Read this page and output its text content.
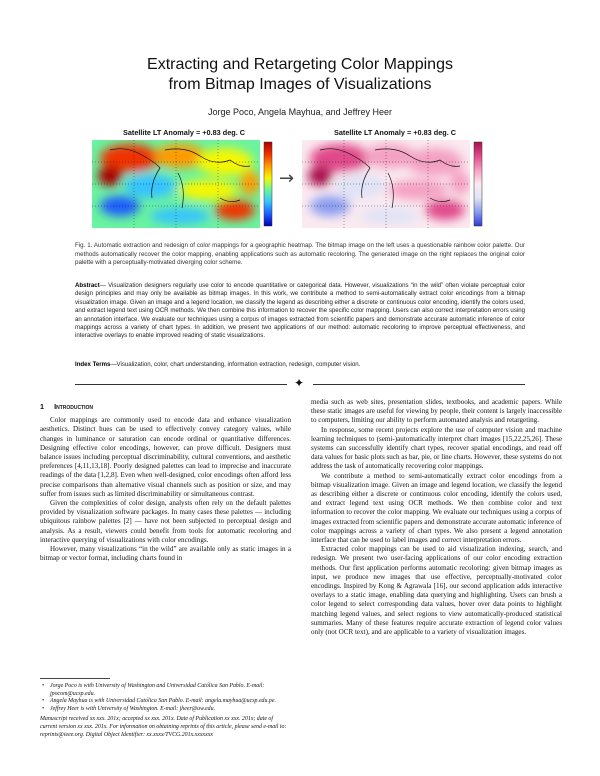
Extracting and Retargeting Color Mappings
from Bitmap Images of Visualizations
Jorge Poco, Angela Mayhua, and Jeffrey Heer
Satellite LT Anomaly = +0.83 deg. C
→
Satellite LT Anomaly = +0.83 deg. C
Fig. 1. Automatic extraction and redesign of color mappings for a geographic heatmap. The bitmap image on the left uses a questionable rainbow color palette. Our methods automatically recover the color mapping, enabling applications such as automatic recoloring. The generated image on the right replaces the original color palette with a perceptually-motivated diverging color scheme.
Abstract— Visualization designers regularly use color to encode quantitative or categorical data. However, visualizations “in the wild” often violate perceptual color design principles and may only be available as bitmap images. In this work, we contribute a method to semi-automatically extract color encodings from a bitmap visualization image. Given an image and a legend location, we classify the legend as describing either a discrete or continuous color encoding, identify the colors used, and extract legend text using OCR methods. We then combine this information to recover the specific color mapping. Users can also correct interpretation errors using an annotation interface. We evaluate our techniques using a corpus of images extracted from scientific papers and demonstrate accurate automatic inference of color mappings across a variety of chart types. In addition, we present two applications of our method: automatic recoloring to improve perceptual effectiveness, and interactive overlays to enable improved reading of static visualizations.
Index Terms—Visualization, color, chart understanding, information extraction, redesign, computer vision.
✦
1 Introduction

Color mappings are commonly used to encode data and enhance visualization aesthetics. Distinct hues can be used to effectively convey category values, while changes in luminance or saturation can encode ordinal or quantitative differences. Designing effective color encodings, however, can prove difficult. Designers must balance issues including perceptual discriminability, cultural conventions, and aesthetic preferences [4,11,13,18]. Poorly designed palettes can lead to imprecise and inaccurate readings of the data [1,2,8]. Even when well-designed, color encodings often afford less precise comparisons than alternative visual channels such as position or size, and may suffer from issues such as limited discriminability or simultaneous contrast.

Given the complexities of color design, analysts often rely on the default palettes provided by visualization software packages. In many cases these palettes — including ubiquitous rainbow palettes [2] — have not been subjected to perceptual design and analysis. As a result, viewers could benefit from tools for automatic recoloring and interactive querying of visualizations with color encodings.

However, many visualizations “in the wild” are available only as static images in a bitmap or vector format, including charts found in

• Jorge Poco is with University of Washington and Universidad Católica San Pablo. E-mail: jpocom@ucsp.edu.
• Angela Mayhua is with Universidad Católica San Pablo. E-mail: angela.mayhua@ucsp.edu.pe.
• Jeffrey Heer is with University of Washington. E-mail: jheer@uw.edu.
Manuscript received xx xxx. 201x; accepted xx xxx. 201x. Date of Publication xx xxx. 201x; date of current version xx xxx. 201x. For information on obtaining reprints of this article, please send e-mail to: reprints@ieee.org. Digital Object Identifier: xx.xxxx/TVCG.201x.xxxxxxx

media such as web sites, presentation slides, textbooks, and academic papers. While these static images are useful for viewing by people, their content is largely inaccessible to computers, limiting our ability to perform automated analysis and retargeting.

In response, some recent projects explore the use of computer vision and machine learning techniques to (semi-)automatically interpret chart images [15,22,25,26]. These systems can successfully identify chart types, recover spatial encodings, and read off data values for basic plots such as bar, pie, or line charts. However, these systems do not address the task of automatically recovering color mappings.

We contribute a method to semi-automatically extract color encodings from a bitmap visualization image. Given an image and legend location, we classify the legend as describing either a discrete or continuous color encoding, identify the colors used, and extract legend text using OCR methods. We then combine color and text information to recover the color mapping. We evaluate our techniques using a corpus of images extracted from scientific papers and demonstrate accurate automatic inference of color mappings across a variety of chart types. We also present a legend annotation interface that can be used to label images and correct interpretation errors.

Extracted color mappings can be used to aid visualization indexing, search, and redesign. We present two user-facing applications of our color encoding extraction methods. Our first application performs automatic recoloring: given bitmap images as input, we produce new images that use effective, perceptually-motivated color encodings. Inspired by Kong & Agrawala [16], our second application adds interactive overlays to a static image, enabling data querying and highlighting. Users can brush a color legend to select corresponding data values, hover over data points to highlight matching legend values, and select regions to view automatically-produced statistical summaries. Many of these features require accurate extraction of legend color values only (not OCR text), and are applicable to a variety of visualization images.
